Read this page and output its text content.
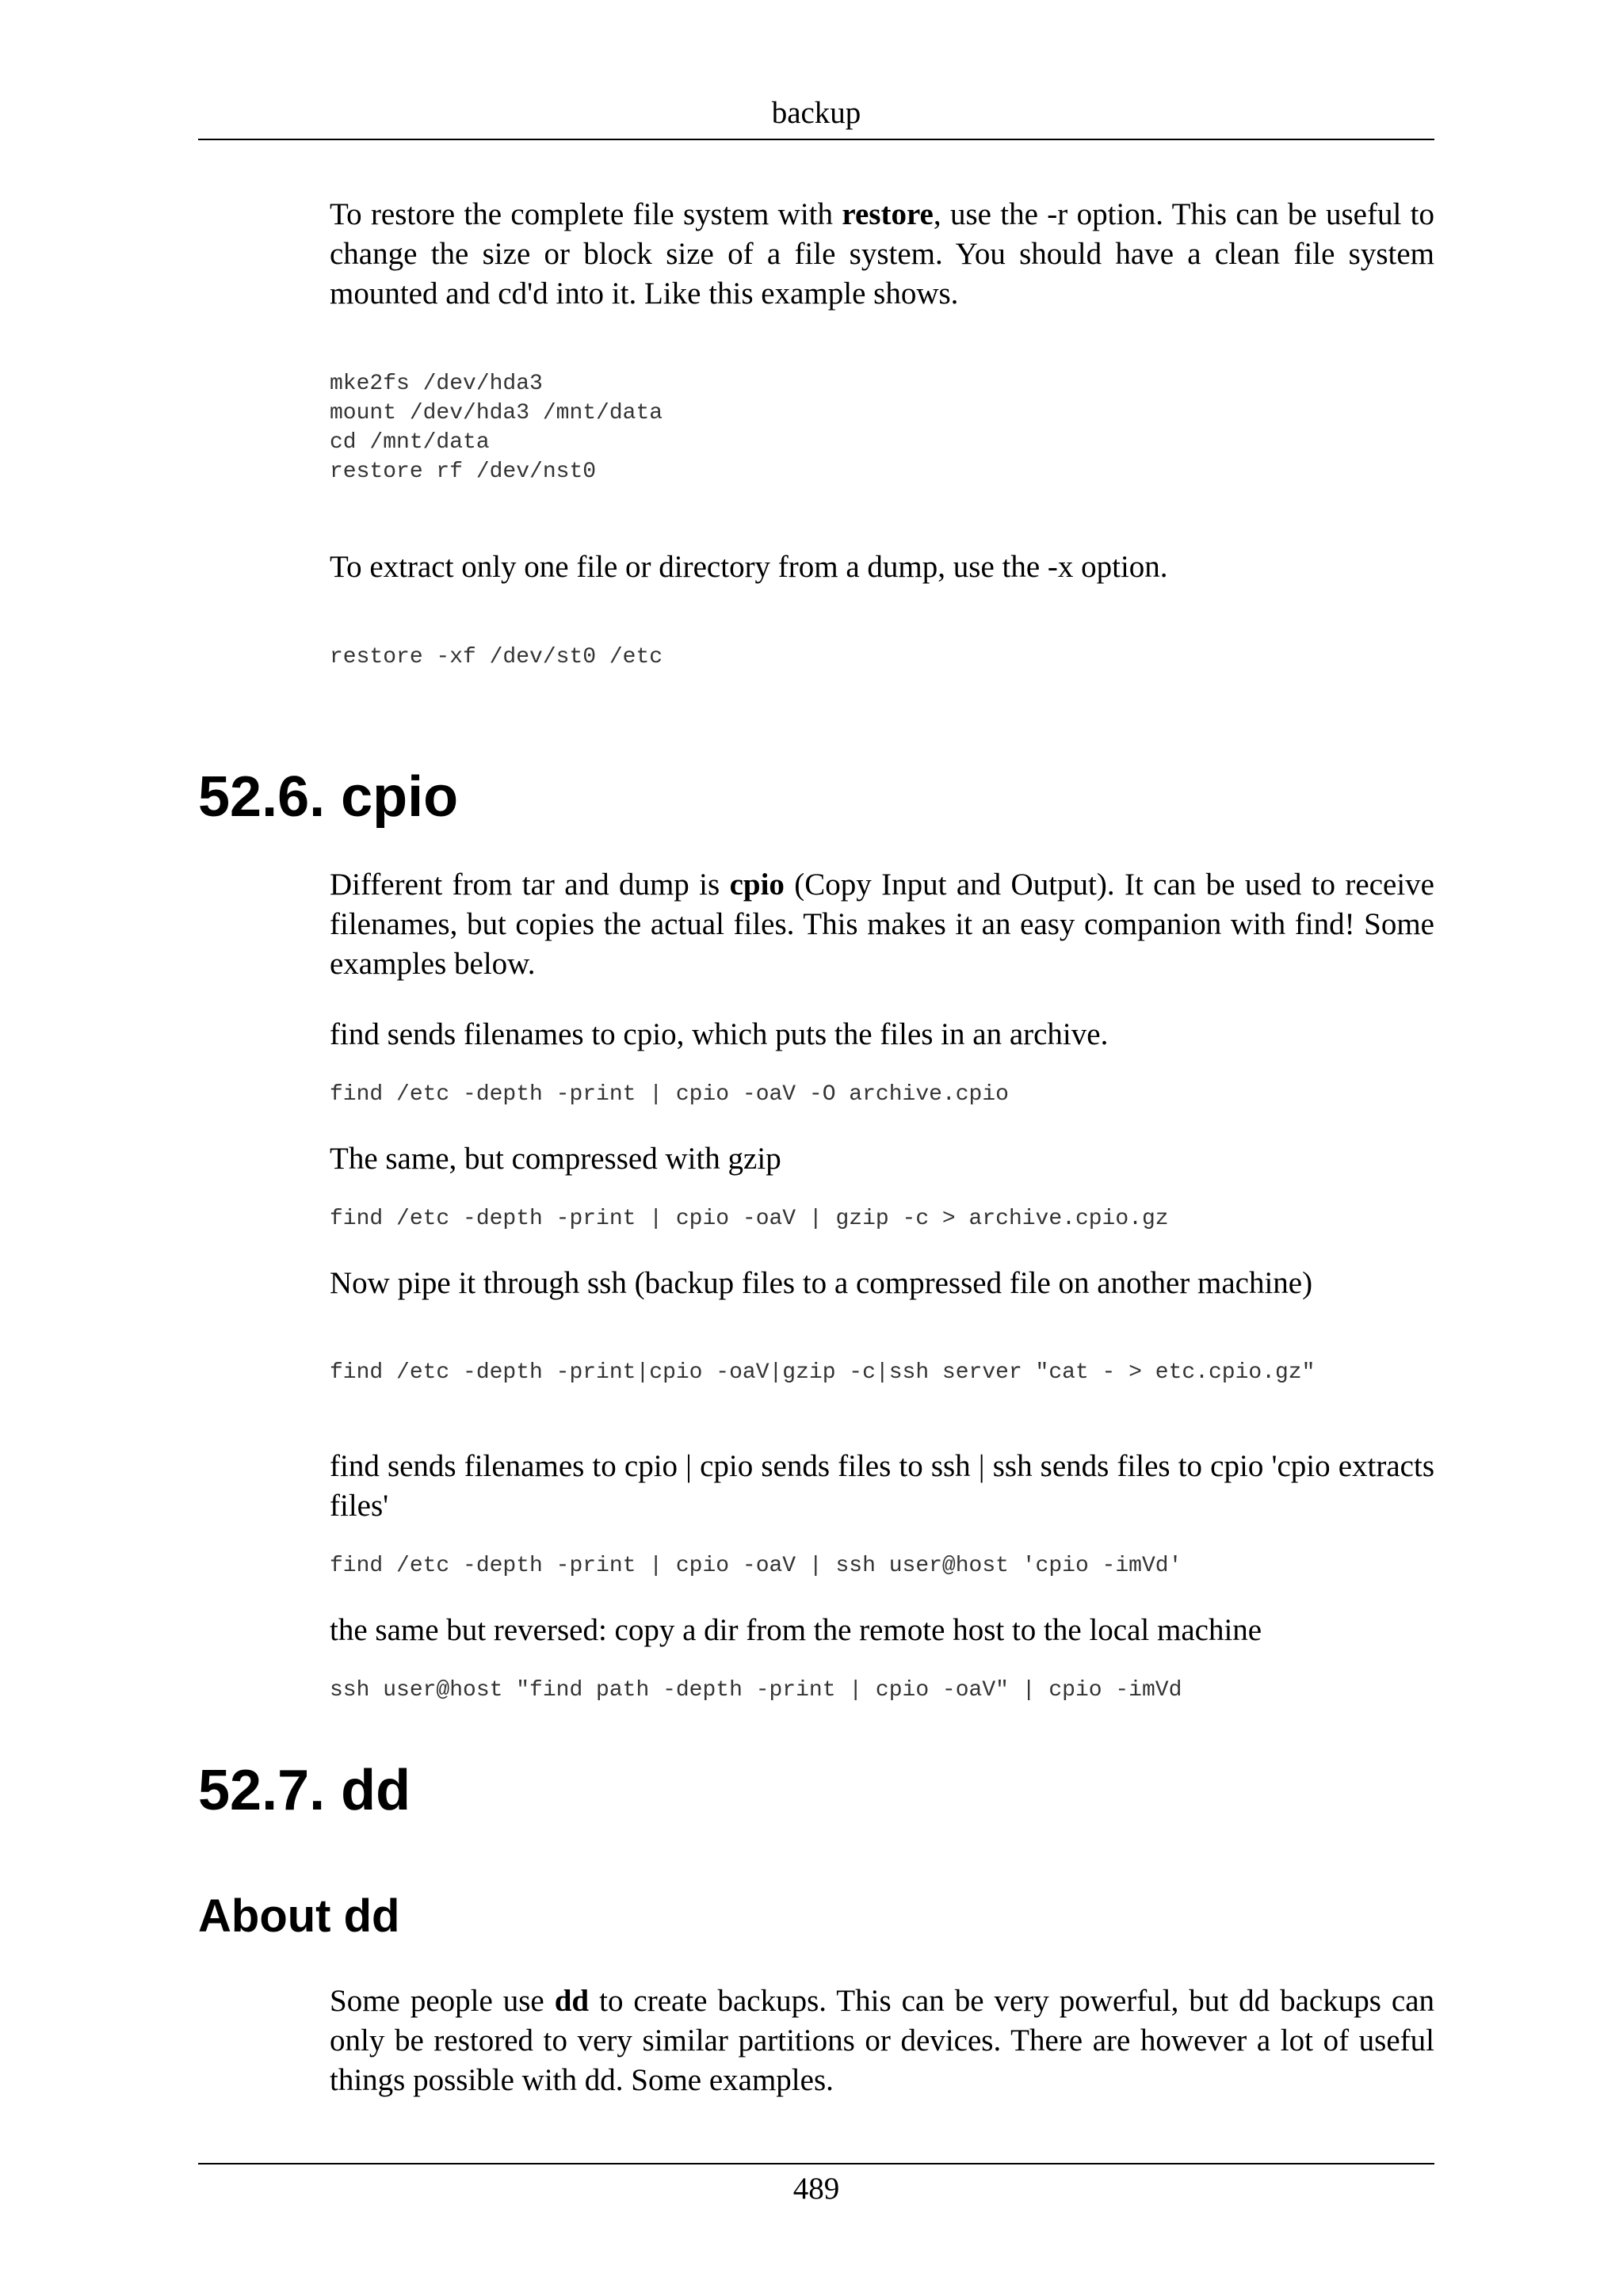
backup

To restore the complete file system with restore, use the -r option. This can be useful to change the size or block size of a file system. You should have a clean file system mounted and cd'd into it. Like this example shows.

mke2fs /dev/hda3
mount /dev/hda3 /mnt/data
cd /mnt/data
restore rf /dev/nst0

To extract only one file or directory from a dump, use the -x option.

restore -xf /dev/st0 /etc
52.6. cpio

Different from tar and dump is cpio (Copy Input and Output). It can be used to receive filenames, but copies the actual files. This makes it an easy companion with find! Some examples below.

find sends filenames to cpio, which puts the files in an archive.

find /etc -depth -print | cpio -oaV -O archive.cpio

The same, but compressed with gzip

find /etc -depth -print | cpio -oaV | gzip -c > archive.cpio.gz

Now pipe it through ssh (backup files to a compressed file on another machine)

find /etc -depth -print|cpio -oaV|gzip -c|ssh server "cat - > etc.cpio.gz"

find sends filenames to cpio | cpio sends files to ssh | ssh sends files to cpio 'cpio extracts files'

find /etc -depth -print | cpio -oaV | ssh user@host 'cpio -imVd'

the same but reversed: copy a dir from the remote host to the local machine

ssh user@host "find path -depth -print | cpio -oaV" | cpio -imVd
52.7. dd
About dd

Some people use dd to create backups. This can be very powerful, but dd backups can only be restored to very similar partitions or devices. There are however a lot of useful things possible with dd. Some examples.

489
